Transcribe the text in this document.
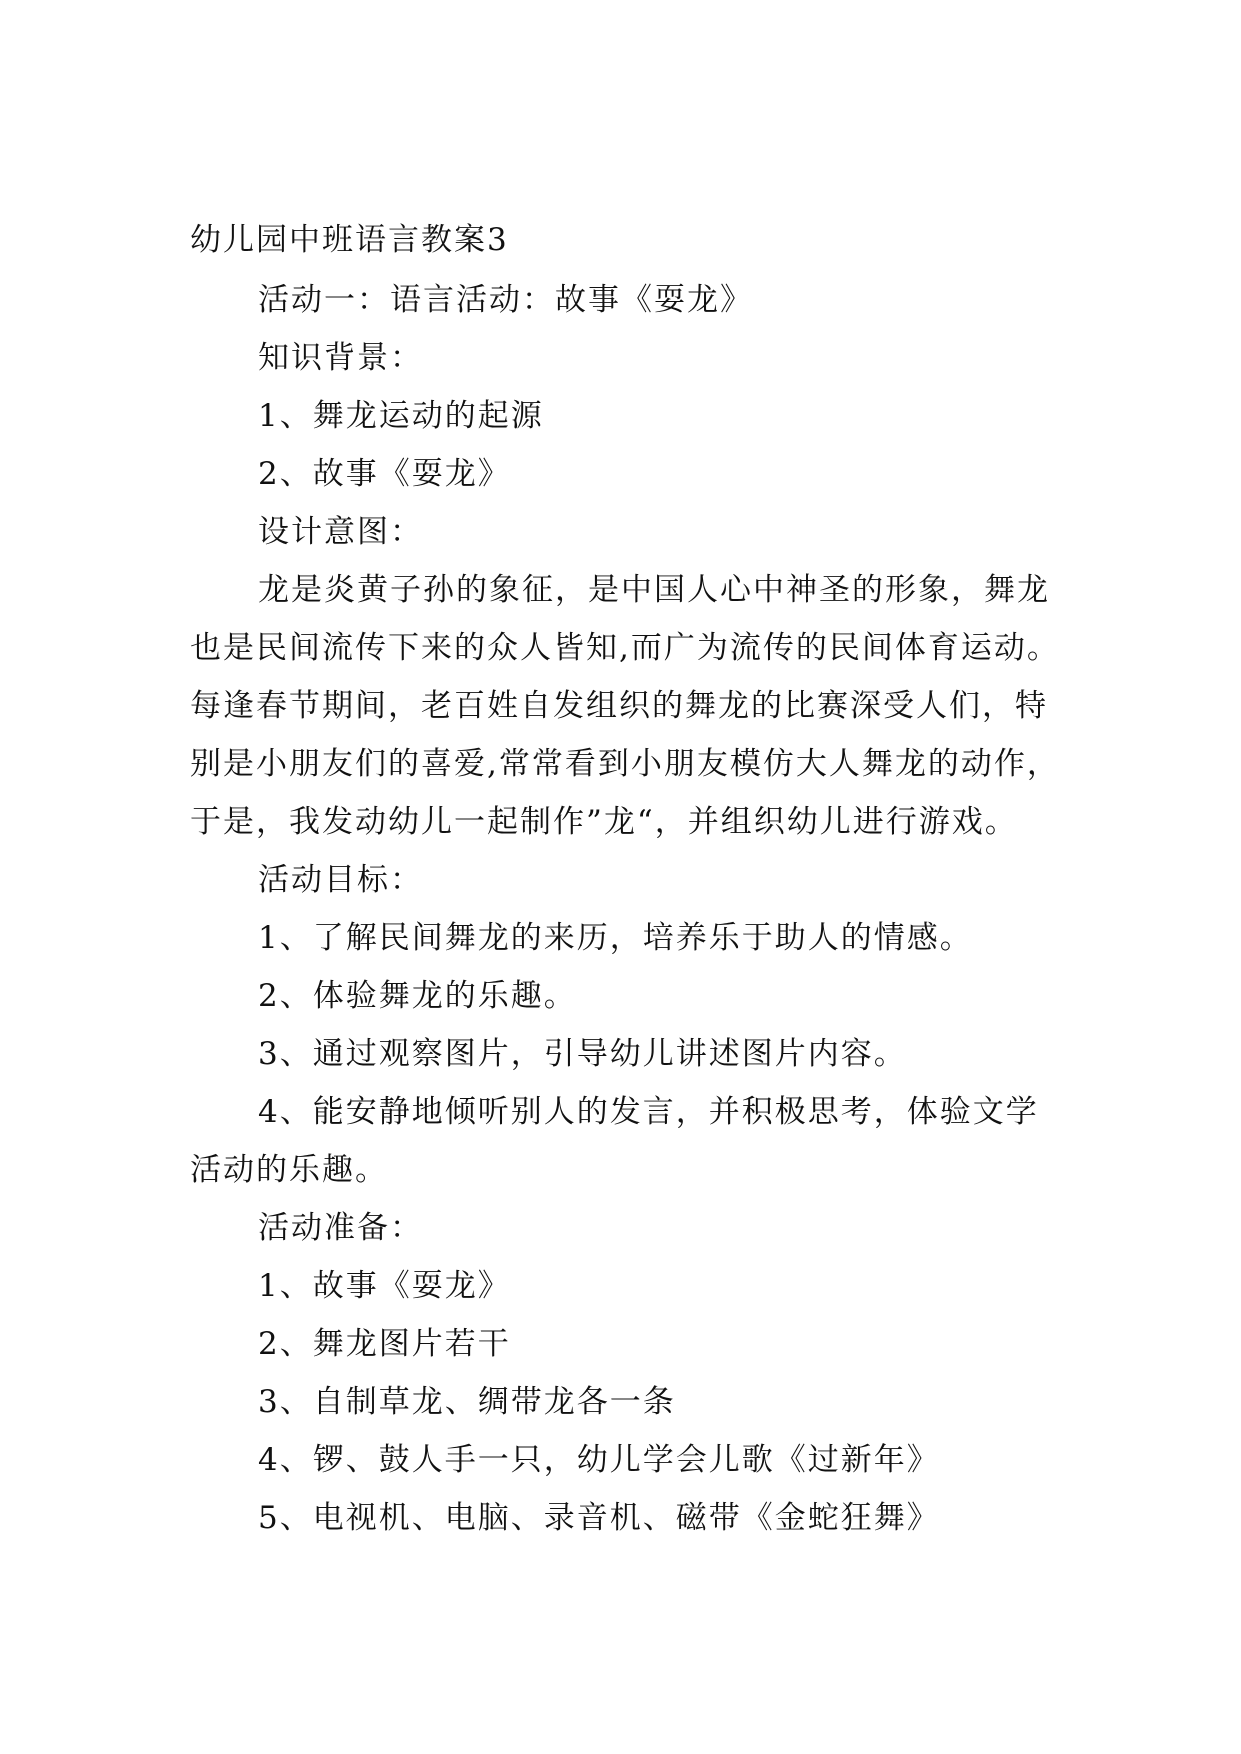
幼儿园中班语言教案3
活动一：语言活动：故事《耍龙》
知识背景：
1、舞龙运动的起源
2、故事《耍龙》
设计意图：
龙是炎黄子孙的象征，是中国人心中神圣的形象，舞龙
也是民间流传下来的众人皆知,而广为流传的民间体育运动。
每逢春节期间，老百姓自发组织的舞龙的比赛深受人们，特
别是小朋友们的喜爱,常常看到小朋友模仿大人舞龙的动作，
于是，我发动幼儿一起制作”龙“，并组织幼儿进行游戏。
活动目标：
1、了解民间舞龙的来历，培养乐于助人的情感。
2、体验舞龙的乐趣。
3、通过观察图片，引导幼儿讲述图片内容。
4、能安静地倾听别人的发言，并积极思考，体验文学
活动的乐趣。
活动准备：
1、故事《耍龙》
2、舞龙图片若干
3、自制草龙、绸带龙各一条
4、锣、鼓人手一只，幼儿学会儿歌《过新年》
5、电视机、电脑、录音机、磁带《金蛇狂舞》
